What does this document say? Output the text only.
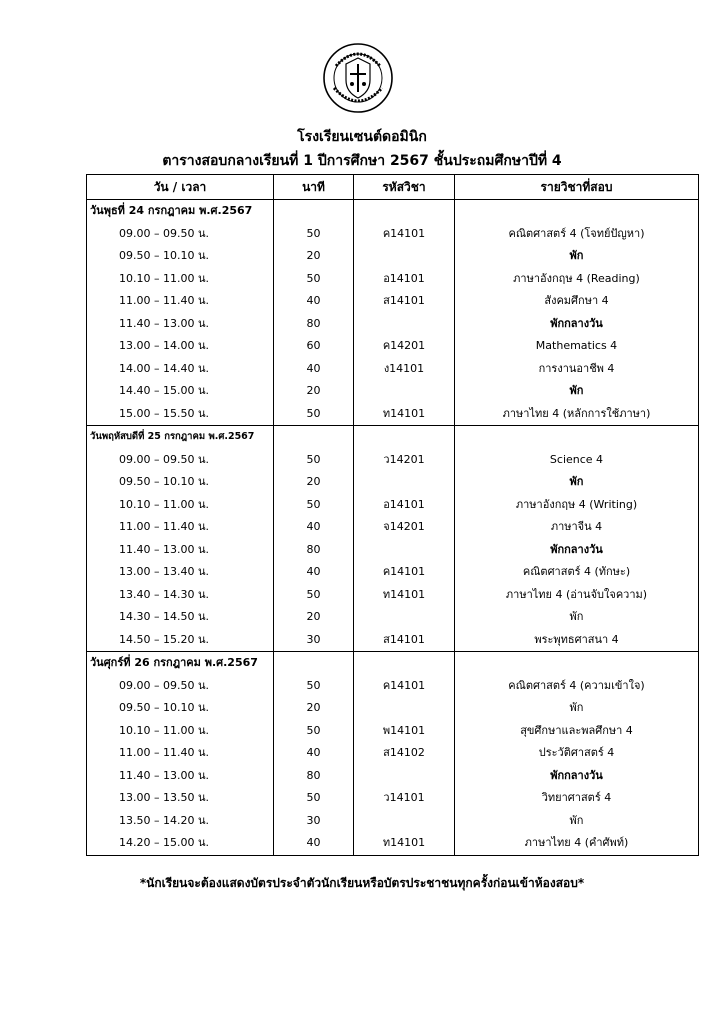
โรงเรียนเซนต์ดอมินิก
ตารางสอบกลางเรียนที่ 1 ปีการศึกษา 2567 ชั้นประถมศึกษาปีที่ 4
วัน / เวลา	นาที	รหัสวิชา	รายวิชาที่สอบ
วันพุธที่ 24 กรกฎาคม พ.ศ.2567			
09.00 – 09.50 น.	50	ค14101	คณิตศาสตร์ 4 (โจทย์ปัญหา)
09.50 – 10.10 น.	20		พัก
10.10 – 11.00 น.	50	อ14101	ภาษาอังกฤษ 4 (Reading)
11.00 – 11.40 น.	40	ส14101	สังคมศึกษา 4
11.40 – 13.00 น.	80		พักกลางวัน
13.00 – 14.00 น.	60	ค14201	Mathematics 4
14.00 – 14.40 น.	40	ง14101	การงานอาชีพ 4
14.40 – 15.00 น.	20		พัก
15.00 – 15.50 น.	50	ท14101	ภาษาไทย 4 (หลักการใช้ภาษา)
วันพฤหัสบดีที่ 25 กรกฎาคม พ.ศ.2567			
09.00 – 09.50 น.	50	ว14201	Science 4
09.50 – 10.10 น.	20		พัก
10.10 – 11.00 น.	50	อ14101	ภาษาอังกฤษ 4 (Writing)
11.00 – 11.40 น.	40	จ14201	ภาษาจีน 4
11.40 – 13.00 น.	80		พักกลางวัน
13.00 – 13.40 น.	40	ค14101	คณิตศาสตร์ 4 (ทักษะ)
13.40 – 14.30 น.	50	ท14101	ภาษาไทย 4 (อ่านจับใจความ)
14.30 – 14.50 น.	20		พัก
14.50 – 15.20 น.	30	ส14101	พระพุทธศาสนา 4
วันศุกร์ที่ 26 กรกฎาคม พ.ศ.2567			
09.00 – 09.50 น.	50	ค14101	คณิตศาสตร์ 4 (ความเข้าใจ)
09.50 – 10.10 น.	20		พัก
10.10 – 11.00 น.	50	พ14101	สุขศึกษาและพลศึกษา 4
11.00 – 11.40 น.	40	ส14102	ประวัติศาสตร์ 4
11.40 – 13.00 น.	80		พักกลางวัน
13.00 – 13.50 น.	50	ว14101	วิทยาศาสตร์ 4
13.50 – 14.20 น.	30		พัก
14.20 – 15.00 น.	40	ท14101	ภาษาไทย 4 (คำศัพท์)
*นักเรียนจะต้องแสดงบัตรประจำตัวนักเรียนหรือบัตรประชาชนทุกครั้งก่อนเข้าห้องสอบ*
